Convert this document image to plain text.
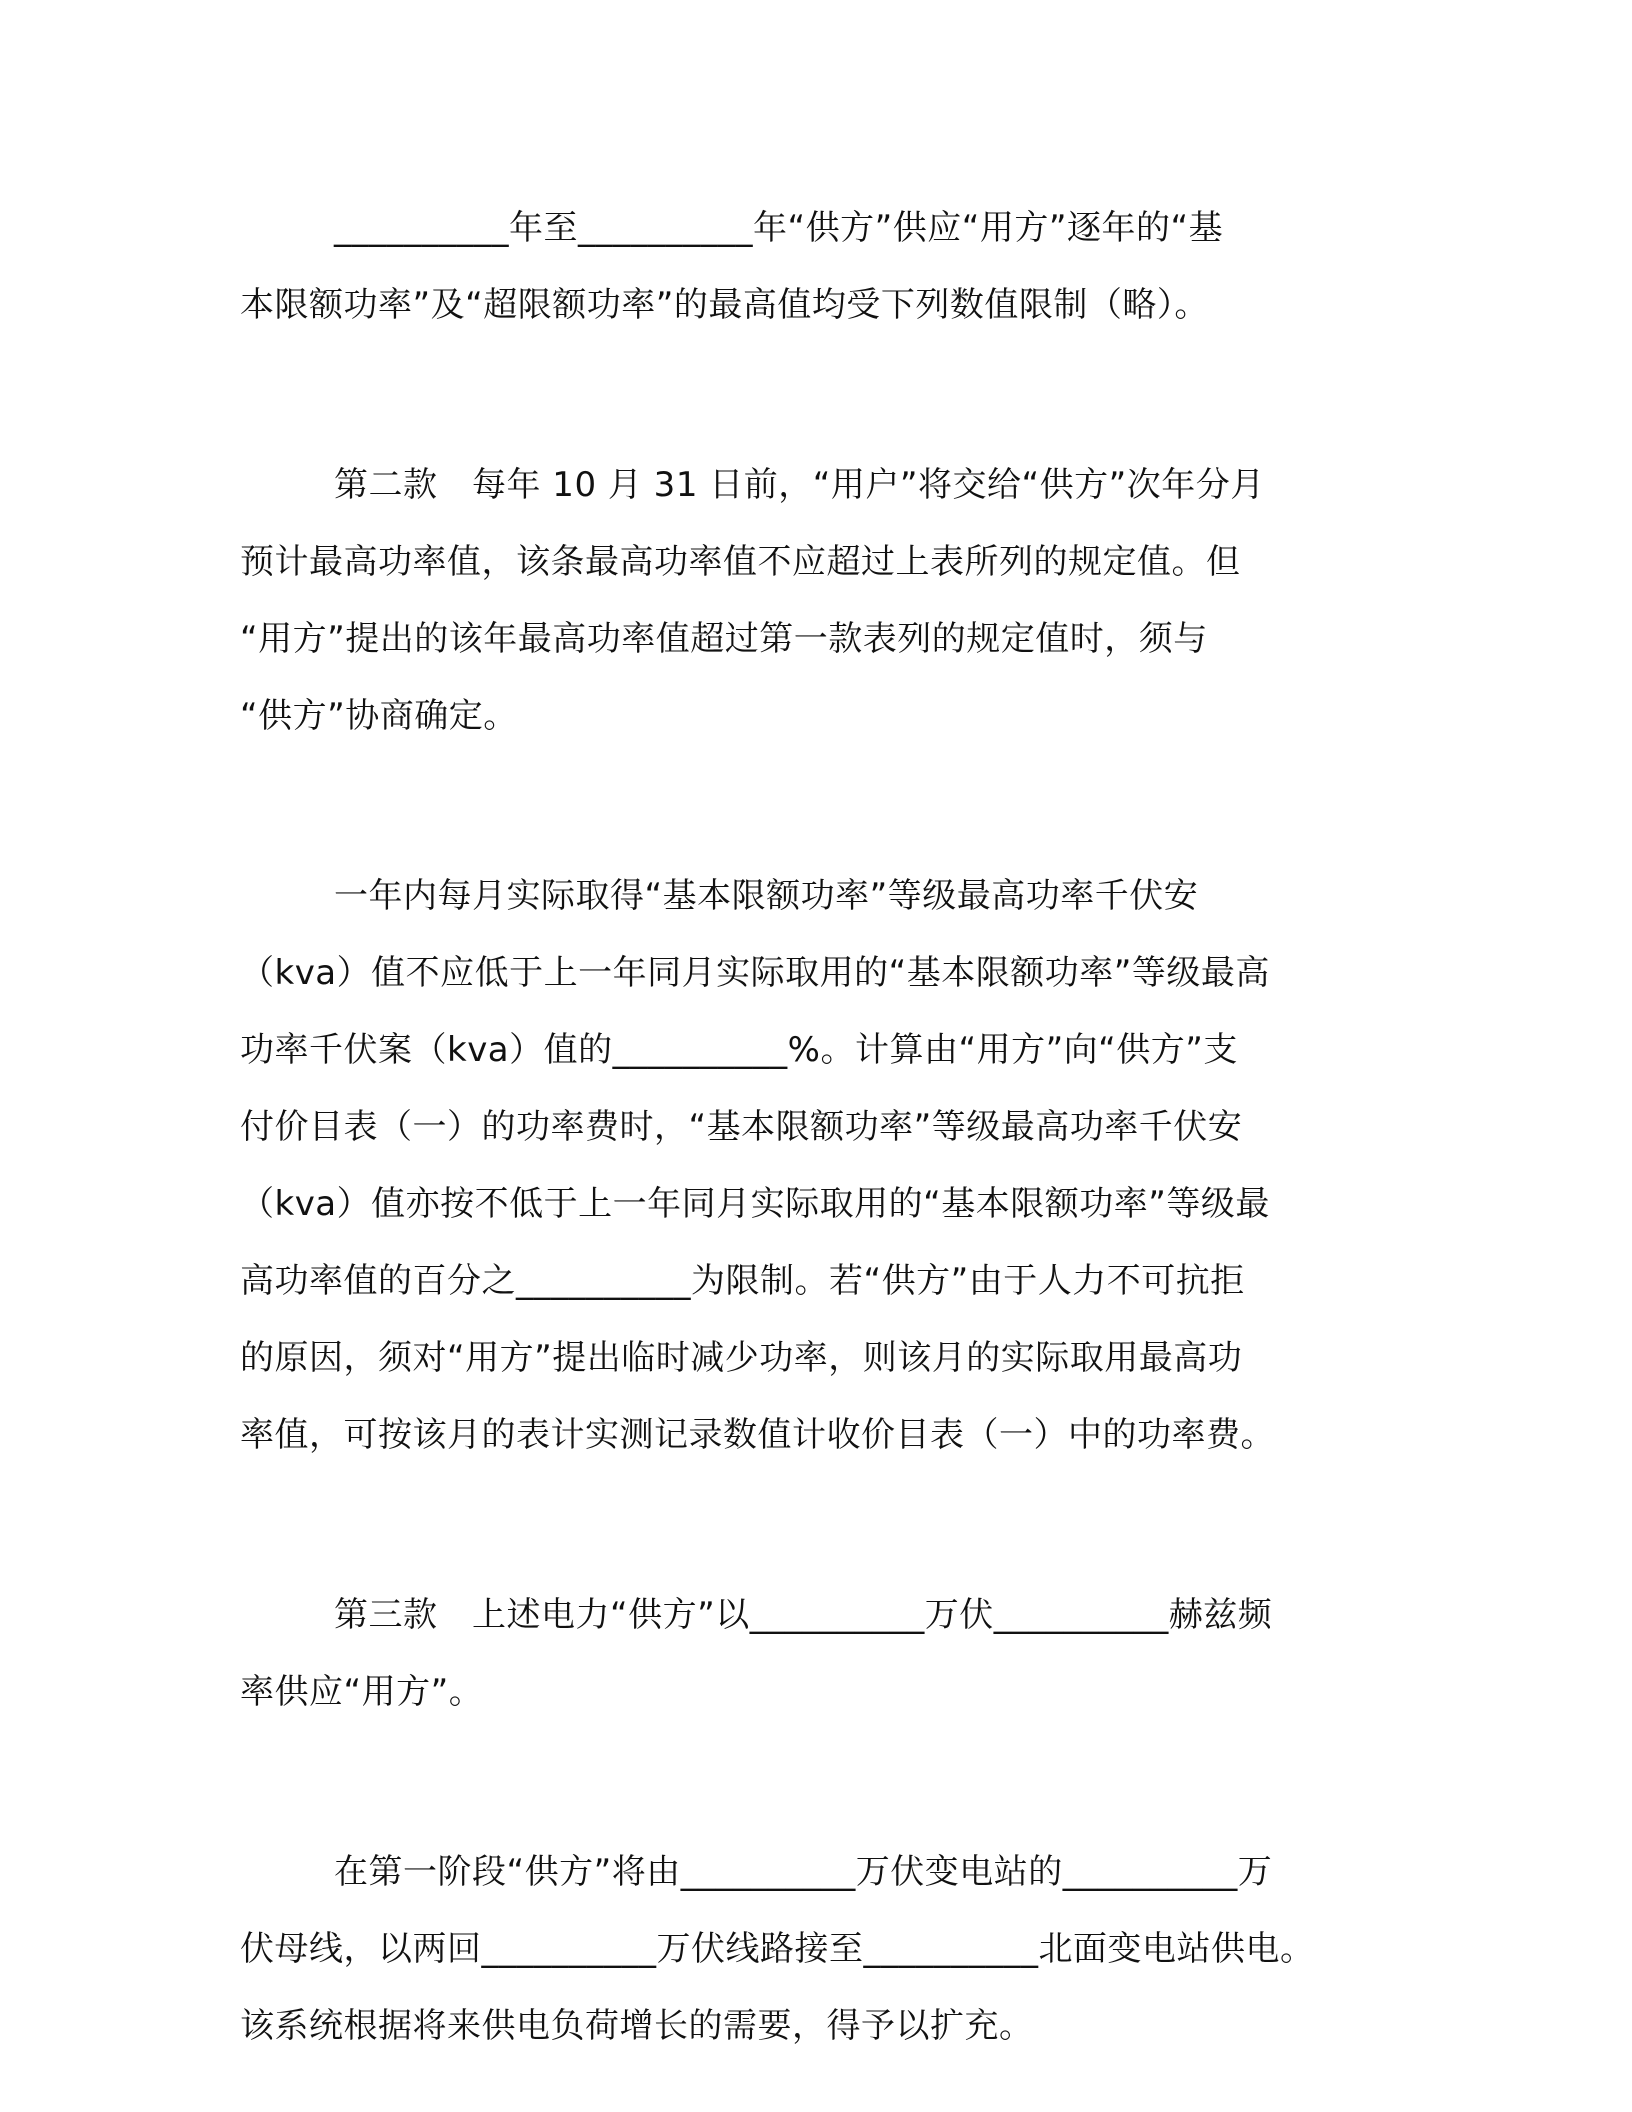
__________年至__________年“供方”供应“用方”逐年的“基
本限额功率”及“超限额功率”的最高值均受下列数值限制（略）。
第二款　每年 10 月 31 日前，“用户”将交给“供方”次年分月
预计最高功率值，该条最高功率值不应超过上表所列的规定值。但
“用方”提出的该年最高功率值超过第一款表列的规定值时，须与
“供方”协商确定。
一年内每月实际取得“基本限额功率”等级最高功率千伏安
（kva）值不应低于上一年同月实际取用的“基本限额功率”等级最高
功率千伏案（kva）值的__________%。计算由“用方”向“供方”支
付价目表（一）的功率费时，“基本限额功率”等级最高功率千伏安
（kva）值亦按不低于上一年同月实际取用的“基本限额功率”等级最
高功率值的百分之__________为限制。若“供方”由于人力不可抗拒
的原因，须对“用方”提出临时减少功率，则该月的实际取用最高功
率值，可按该月的表计实测记录数值计收价目表（一）中的功率费。
第三款　上述电力“供方”以__________万伏__________赫兹频
率供应“用方”。
在第一阶段“供方”将由__________万伏变电站的__________万
伏母线，以两回__________万伏线路接至__________北面变电站供电。
该系统根据将来供电负荷增长的需要，得予以扩充。
